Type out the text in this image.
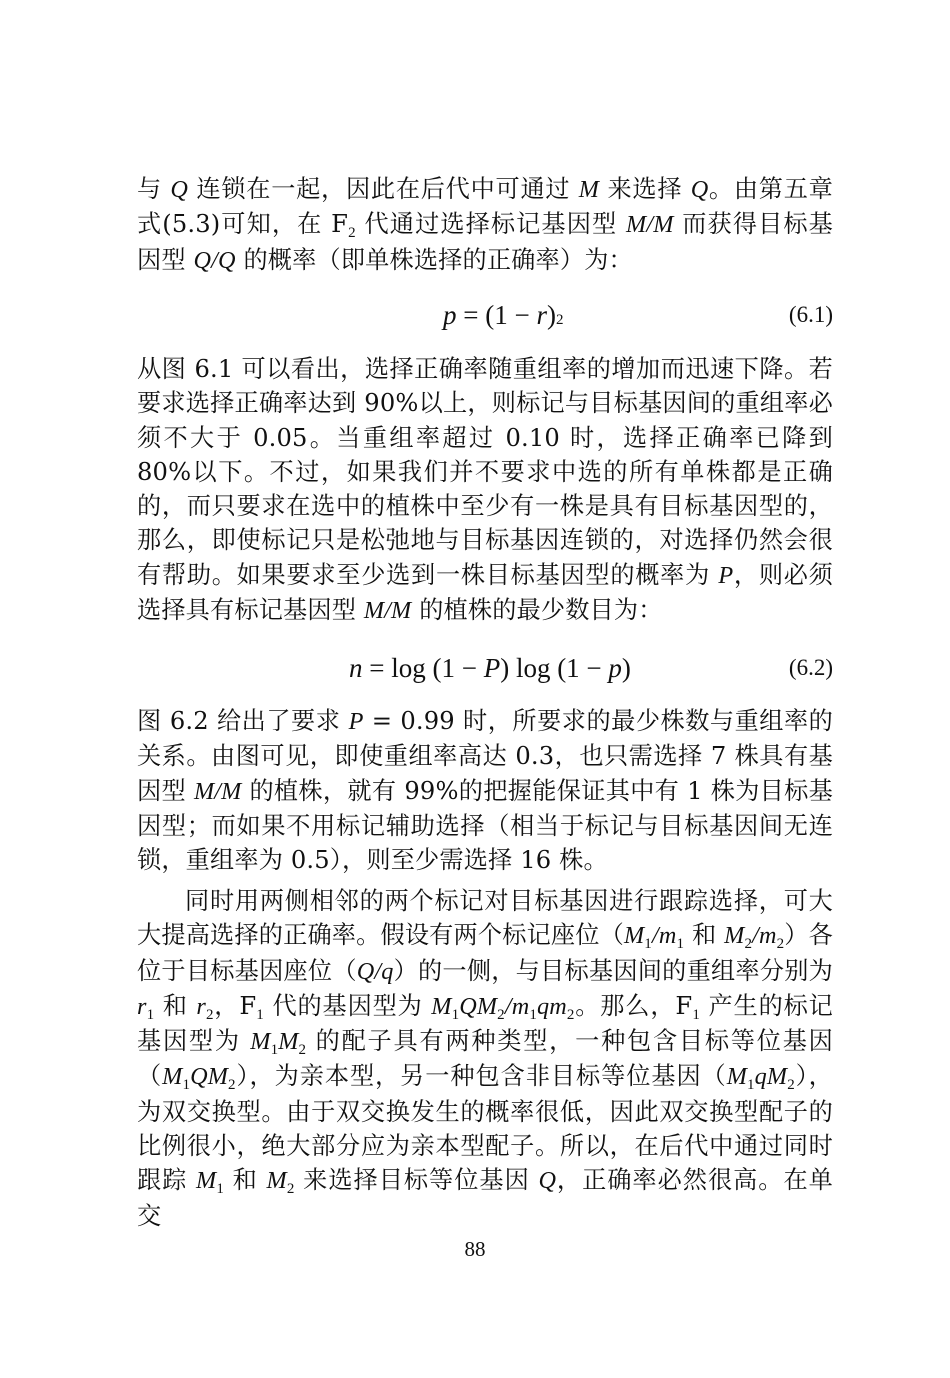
与 Q 连锁在一起，因此在后代中可通过 M 来选择 Q。由第五章式(5.3)可知，在 $F_2$ 代通过选择标记基因型 M/M 而获得目标基因型 Q/Q 的概率（即单株选择的正确率）为：

p = (1 − r)2	(6.1)

从图 6.1 可以看出，选择正确率随重组率的增加而迅速下降。若要求选择正确率达到 90%以上，则标记与目标基因间的重组率必须不大于 0.05。当重组率超过 0.10 时，选择正确率已降到 80%以下。不过，如果我们并不要求中选的所有单株都是正确的，而只要求在选中的植株中至少有一株是具有目标基因型的，那么，即使标记只是松弛地与目标基因连锁的，对选择仍然会很有帮助。如果要求至少选到一株目标基因型的概率为 P，则必须选择具有标记基因型 M/M 的植株的最少数目为：

n = log (1 − P) log (1 − p)	(6.2)

图 6.2 给出了要求 P = 0.99 时，所要求的最少株数与重组率的关系。由图可见，即使重组率高达 0.3，也只需选择 7 株具有基因型 M/M 的植株，就有 99%的把握能保证其中有 1 株为目标基因型；而如果不用标记辅助选择（相当于标记与目标基因间无连锁，重组率为 0.5），则至少需选择 16 株。

同时用两侧相邻的两个标记对目标基因进行跟踪选择，可大大提高选择的正确率。假设有两个标记座位（$M_1/m_1$ 和 $M_2/m_2$）各位于目标基因座位（Q/q）的一侧，与目标基因间的重组率分别为 $r_1$ 和 $r_2$，$F_1$ 代的基因型为 $M_1QM_2/m_1qm_2$。那么，$F_1$ 产生的标记基因型为 $M_1M_2$ 的配子具有两种类型，一种包含目标等位基因$(M_1QM_2)$，为亲本型，另一种包含非目标等位基因$(M_1qM_2)$，为双交换型。由于双交换发生的概率很低，因此双交换型配子的比例很小，绝大部分应为亲本型配子。所以，在后代中通过同时跟踪 $M_1$ 和 $M_2$ 来选择目标等位基因 Q，正确率必然很高。在单交

88
